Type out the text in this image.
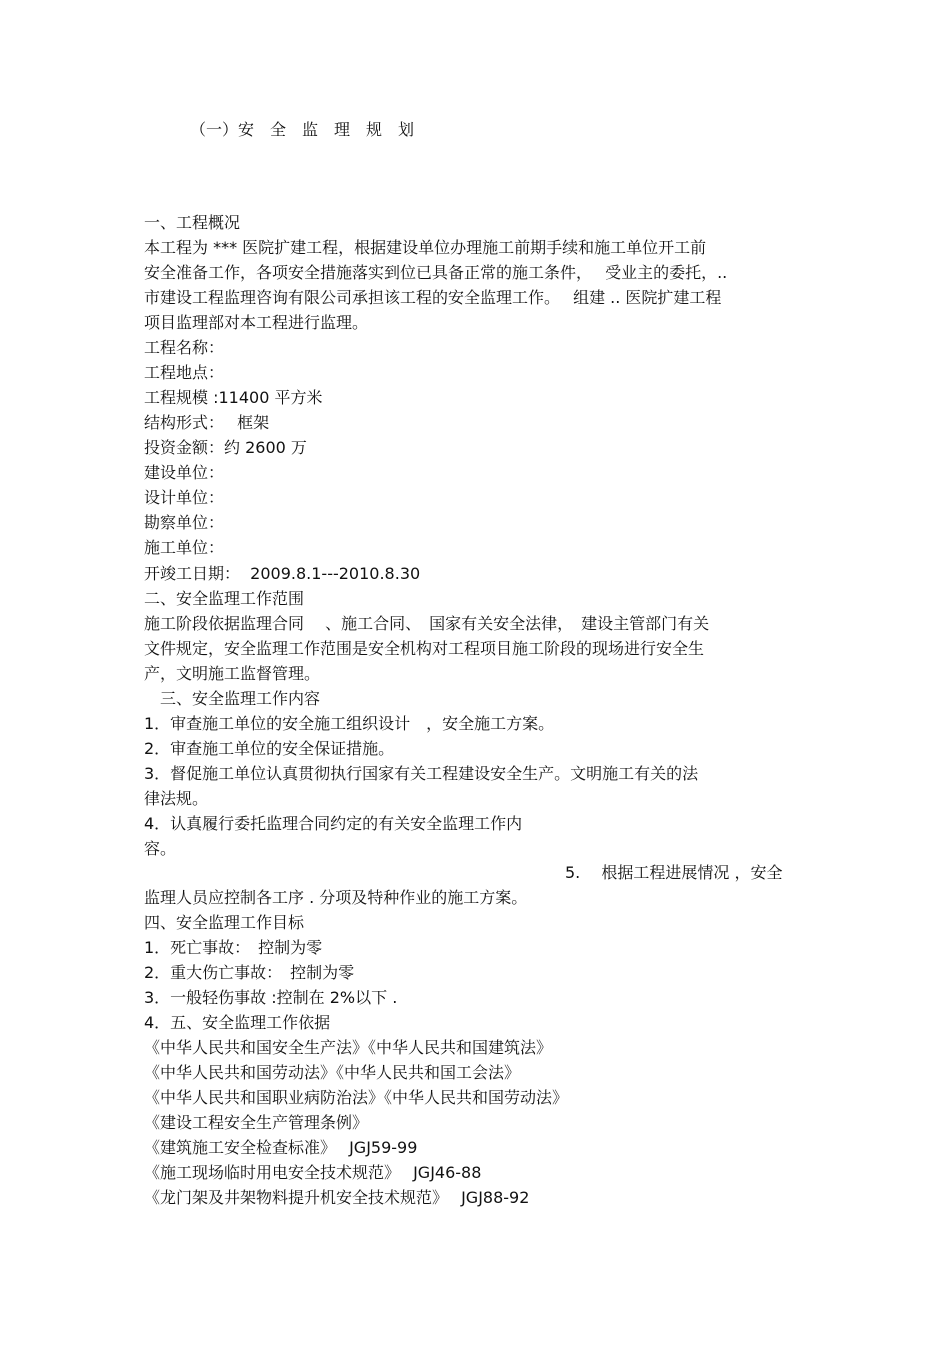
（一）安　全　监　理　规　划
一、工程概况
本工程为 *** 医院扩建工程，根据建设单位办理施工前期手续和施工单位开工前
安全准备工作，各项安全措施落实到位已具备正常的施工条件，　 受业主的委托，..
市建设工程监理咨询有限公司承担该工程的安全监理工作。　 组建 .. 医院扩建工程
项目监理部对本工程进行监理。
工程名称：
工程地点：
工程规模 :11400 平方米
结构形式：　 框架
投资金额：约 2600 万
建设单位：
设计单位：
勘察单位：
施工单位：
开竣工日期：  2009.8.1---2010.8.30
二、安全监理工作范围
施工阶段依据监理合同　 、施工合同、　国家有关安全法律，　建设主管部门有关
文件规定，安全监理工作范围是安全机构对工程项目施工阶段的现场进行安全生
产，文明施工监督管理。
　三、安全监理工作内容
1．审查施工单位的安全施工组织设计　，安全施工方案。
2．审查施工单位的安全保证措施。
3．督促施工单位认真贯彻执行国家有关工程建设安全生产。文明施工有关的法
律法规。
4．认真履行委托监理合同约定的有关安全监理工作内
容。
5.　 根据工程进展情况 ，安全
监理人员应控制各工序 . 分项及特种作业的施工方案。
四、安全监理工作目标
1．死亡事故：　控制为零
2．重大伤亡事故：　控制为零
3．一般轻伤事故 :控制在 2%以下 .
4．五、安全监理工作依据
《中华人民共和国安全生产法》《中华人民共和国建筑法》
《中华人民共和国劳动法》《中华人民共和国工会法》
《中华人民共和国职业病防治法》《中华人民共和国劳动法》
《建设工程安全生产管理条例》
《建筑施工安全检查标准》　 JGJ59-99
《施工现场临时用电安全技术规范》　 JGJ46-88
《龙门架及井架物料提升机安全技术规范》　 JGJ88-92
